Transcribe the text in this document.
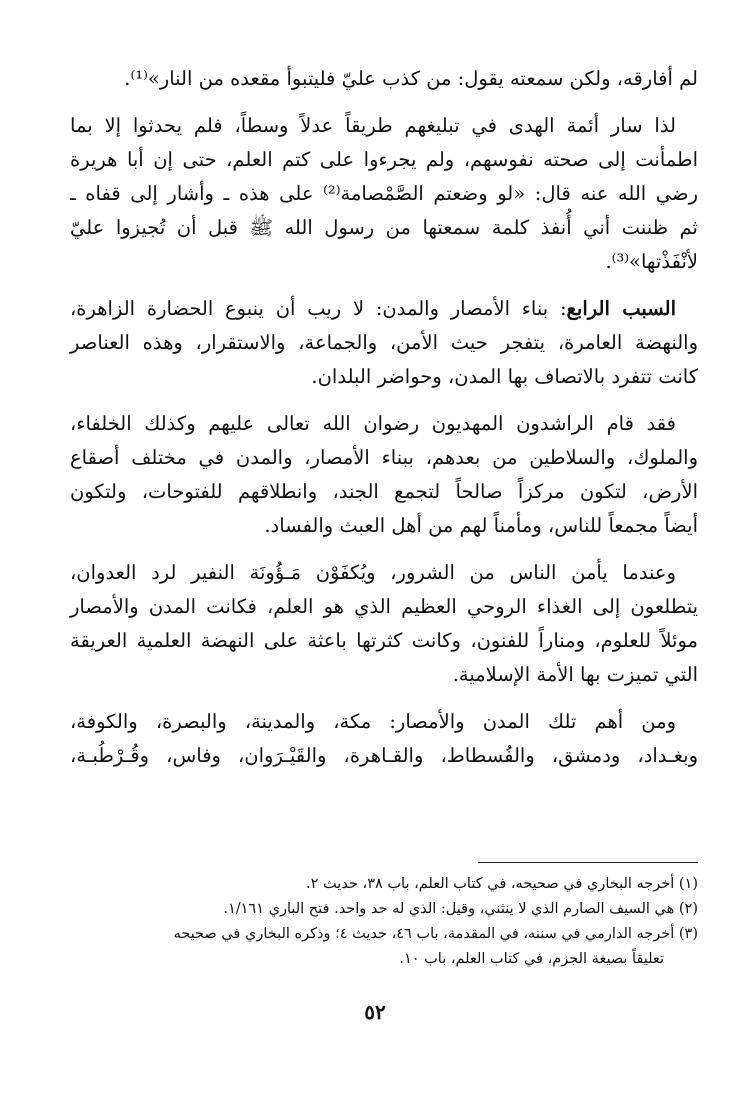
لم أفارقه، ولكن سمعته يقول: من كذب عليّ فليتبوأ مقعده من النار»⁽¹⁾.

لذا سار أئمة الهدى في تبليغهم طريقاً عدلاً وسطاً، فلم يحدثوا إلا بما
اطمأنت إلى صحته نفوسهم، ولم يجرءوا على كتم العلم، حتى إن أبا هريرة
رضي الله عنه قال: «لو وضعتم الصَّمْصامة⁽²⁾ على هذه ـ وأشار إلى قفاه ـ
ثم ظننت أني أُنفذ كلمة سمعتها من رسول الله ﷺ قبل أن تُجيزوا عليّ
لأنْفَذْتها»⁽³⁾.

السبب الرابع: بناء الأمصار والمدن: لا ريب أن ينبوع الحضارة الزاهرة،
والنهضة العامرة، يتفجر حيث الأمن، والجماعة، والاستقرار، وهذه العناصر
كانت تتفرد بالاتصاف بها المدن، وحواضر البلدان.

فقد قام الراشدون المهديون رضوان الله تعالى عليهم وكذلك الخلفاء،
والملوك، والسلاطين من بعدهم، ببناء الأمصار، والمدن في مختلف أصقاع
الأرض، لتكون مركزاً صالحاً لتجمع الجند، وانطلاقهم للفتوحات، ولتكون
أيضاً مجمعاً للناس، ومأمناً لهم من أهل العبث والفساد.

وعندما يأمن الناس من الشرور، ويُكفَوْن مَـؤُونَة النفير لرد العدوان،
يتطلعون إلى الغذاء الروحي العظيم الذي هو العلم، فكانت المدن والأمصار
موئلاً للعلوم، ومناراً للفنون، وكانت كثرتها باعثة على النهضة العلمية العريقة
التي تميزت بها الأمة الإسلامية.

ومن أهم تلك المدن والأمصار: مكة، والمدينة، والبصرة، والكوفة،
وبغـداد، ودمشق، والفُسطاط، والقـاهرة، والقَيْـرَوان، وفاس، وقُـرْطُبـة،

(١) أخرجه البخاري في صحيحه، في كتاب العلم، باب ٣٨، حديث ٢.
(٢) هي السيف الصارم الذي لا ينثني، وقيل: الذي له حد واحد. فتح الباري ١/١٦١.
(٣) أخرجه الدارمي في سننه، في المقدمة، باب ٤٦، حديث ٤؛ وذكره البخاري في صحيحه
تعليقاً بصيغة الجزم، في كتاب العلم، باب ١٠.
٥٢
